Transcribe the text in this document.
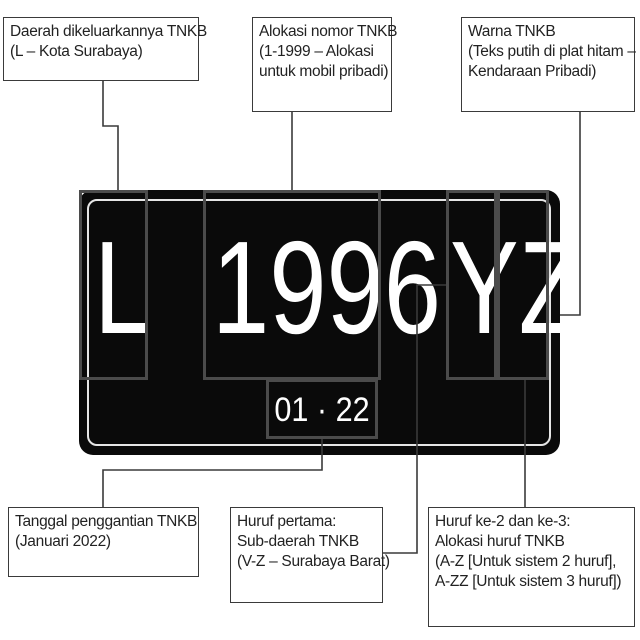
Daerah dikeluarkannya TNKB
(L – Kota Surabaya)
Alokasi nomor TNKB
(1-1999 – Alokasi
untuk mobil pribadi)
Warna TNKB
(Teks putih di plat hitam –
Kendaraan Pribadi)
Tanggal penggantian TNKB
(Januari 2022)
Huruf pertama:
Sub-daerah TNKB
(V-Z – Surabaya Barat)
Huruf ke-2 dan ke-3:
Alokasi huruf TNKB
(A-Z [Untuk sistem 2 huruf],
A-ZZ [Untuk sistem 3 huruf])
L 1996 YZ
01 · 22
